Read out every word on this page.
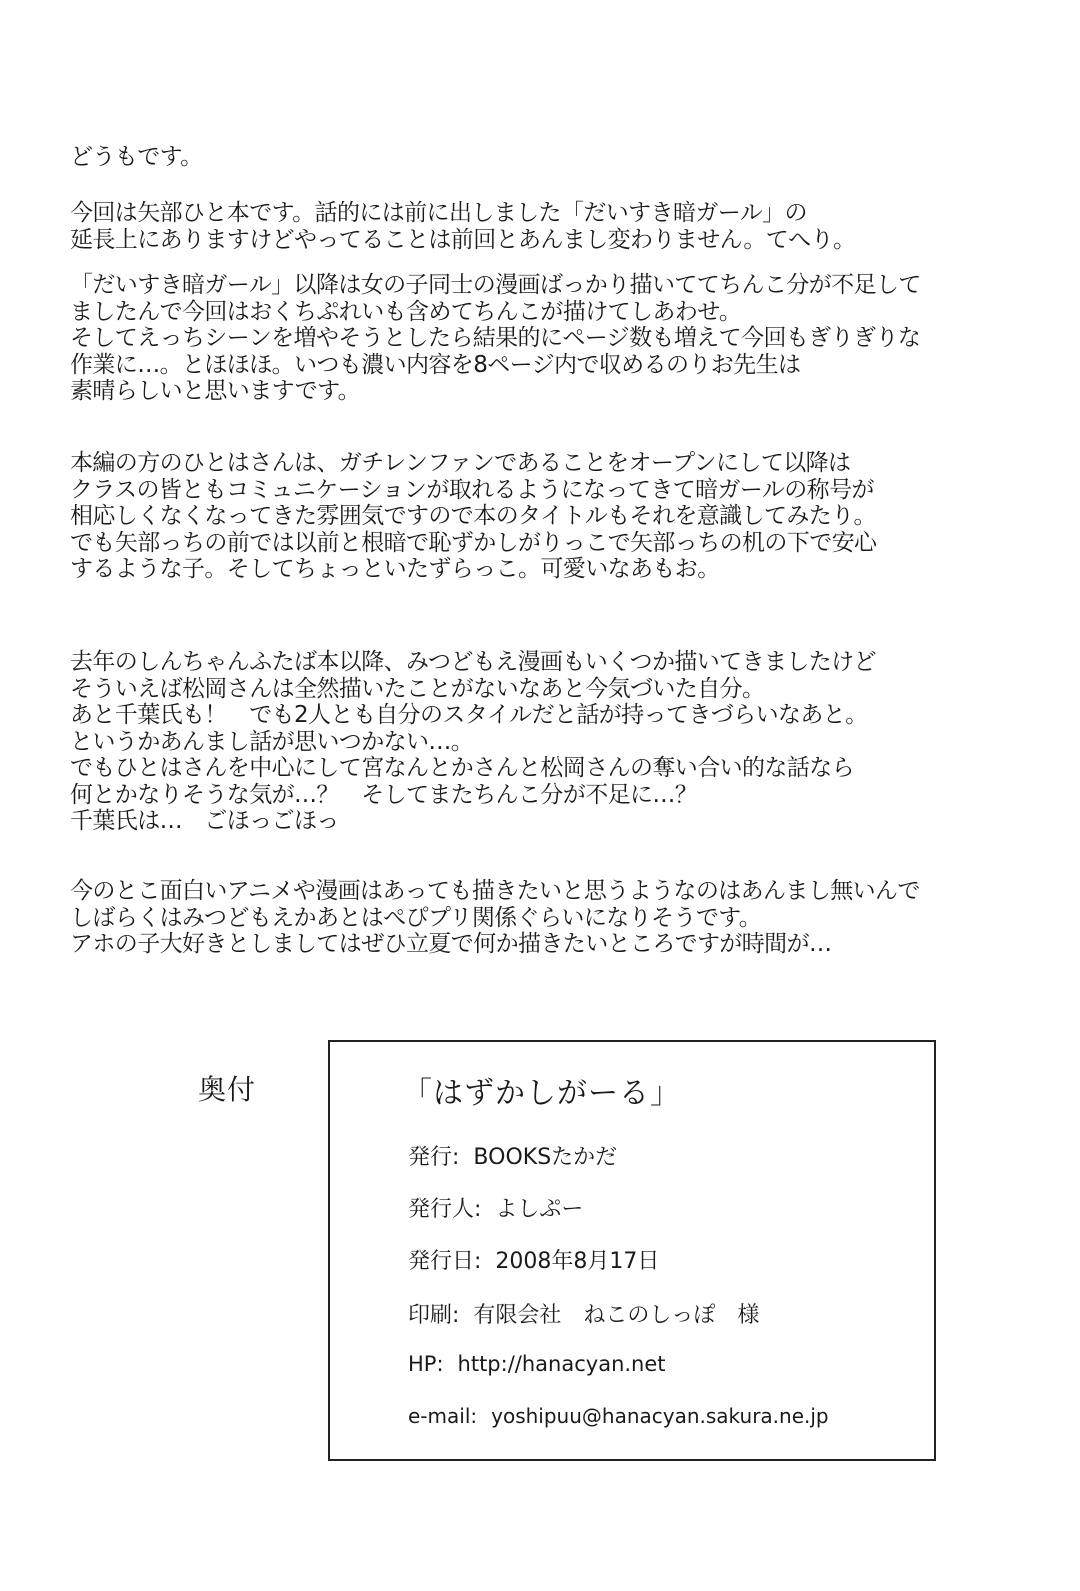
どうもです。
今回は矢部ひと本です。話的には前に出しました「だいすき暗ガール」の
延長上にありますけどやってることは前回とあんまし変わりません。てへり。
「だいすき暗ガール」以降は女の子同士の漫画ばっかり描いててちんこ分が不足して
ましたんで今回はおくちぷれいも含めてちんこが描けてしあわせ。
そしてえっちシーンを増やそうとしたら結果的にページ数も増えて今回もぎりぎりな
作業に…。とほほほ。いつも濃い内容を8ページ内で収めるのりお先生は
素晴らしいと思いますです。
本編の方のひとはさんは、ガチレンファンであることをオープンにして以降は
クラスの皆ともコミュニケーションが取れるようになってきて暗ガールの称号が
相応しくなくなってきた雰囲気ですので本のタイトルもそれを意識してみたり。
でも矢部っちの前では以前と根暗で恥ずかしがりっこで矢部っちの机の下で安心
するような子。そしてちょっといたずらっこ。可愛いなあもお。
去年のしんちゃんふたば本以降、みつどもえ漫画もいくつか描いてきましたけど
そういえば松岡さんは全然描いたことがないなあと今気づいた自分。
あと千葉氏も！　でも2人とも自分のスタイルだと話が持ってきづらいなあと。
というかあんまし話が思いつかない…。
でもひとはさんを中心にして宮なんとかさんと松岡さんの奪い合い的な話なら
何とかなりそうな気が…？　そしてまたちんこ分が不足に…？
千葉氏は…　ごほっごほっ
今のとこ面白いアニメや漫画はあっても描きたいと思うようなのはあんまし無いんで
しばらくはみつどもえかあとはぺぴプリ関係ぐらいになりそうです。
アホの子大好きとしましてはぜひ立夏で何か描きたいところですが時間が…
奥付	「はずかしがーる」
発行: BOOKSたかだ
発行人: よしぷー
発行日: 2008年8月17日
印刷: 有限会社　ねこのしっぽ　様
HP: http://hanacyan.net
e-mail: yoshipuu@hanacyan.sakura.ne.jp
